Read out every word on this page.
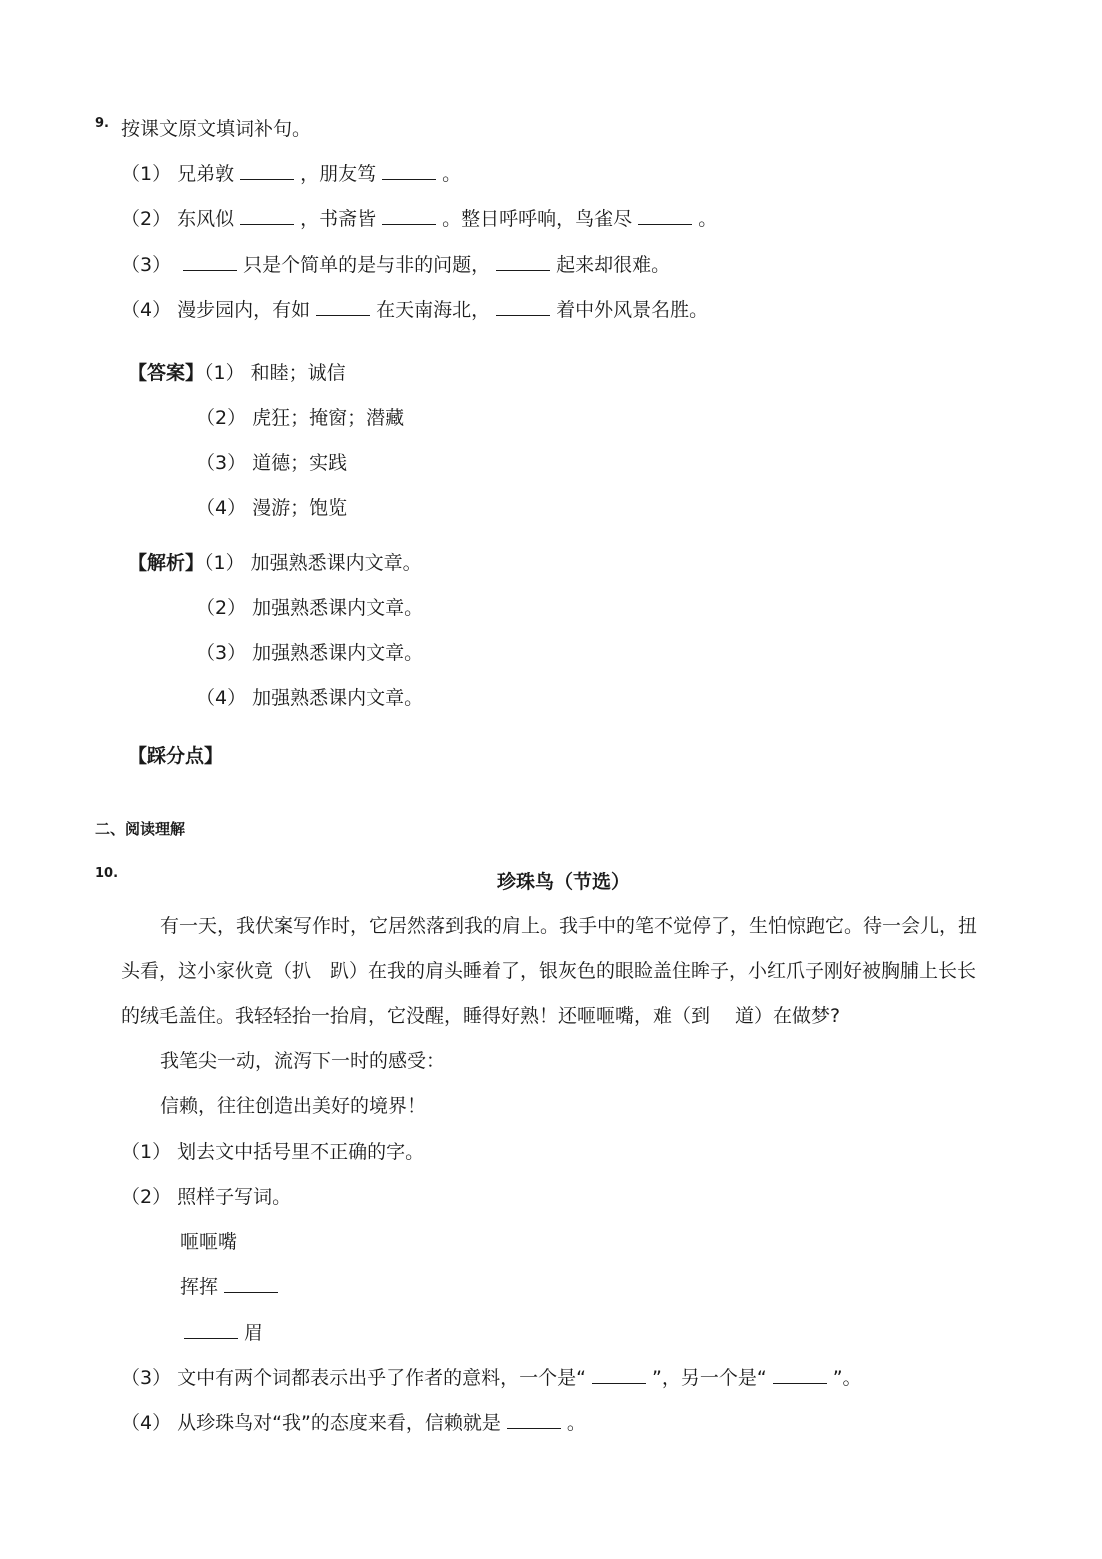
9. 按课文原文填词补句。
（1） 兄弟敦	，朋友笃	。
（2） 东风似	，书斋皆	。整日呼呼响，鸟雀尽	。
（3）	只是个简单的是与非的问题，	起来却很难。
（4） 漫步园内，有如	在天南海北，	着中外风景名胜。
【答案】（1） 和睦；诚信
（2） 虎狂；掩窗；潜藏
（3） 道德；实践
（4） 漫游；饱览
【解析】（1） 加强熟悉课内文章。
（2） 加强熟悉课内文章。
（3） 加强熟悉课内文章。
（4） 加强熟悉课内文章。
【踩分点】
二、阅读理解
10.	珍珠鸟（节选）
有一天，我伏案写作时，它居然落到我的肩上。我手中的笔不觉停了，生怕惊跑它。待一会儿，扭
头看，这小家伙竟（扒　趴）在我的肩头睡着了，银灰色的眼睑盖住眸子，小红爪子刚好被胸脯上长长
的绒毛盖住。我轻轻抬一抬肩，它没醒，睡得好熟！还咂咂嘴，难（到　 道）在做梦?
我笔尖一动，流泻下一时的感受：
信赖，往往创造出美好的境界！
（1） 划去文中括号里不正确的字。
（2） 照样子写词。
咂咂嘴
挥挥
眉
（3） 文中有两个词都表示出乎了作者的意料，一个是“	”，另一个是“	”。
（4） 从珍珠鸟对“我”的态度来看，信赖就是	。
